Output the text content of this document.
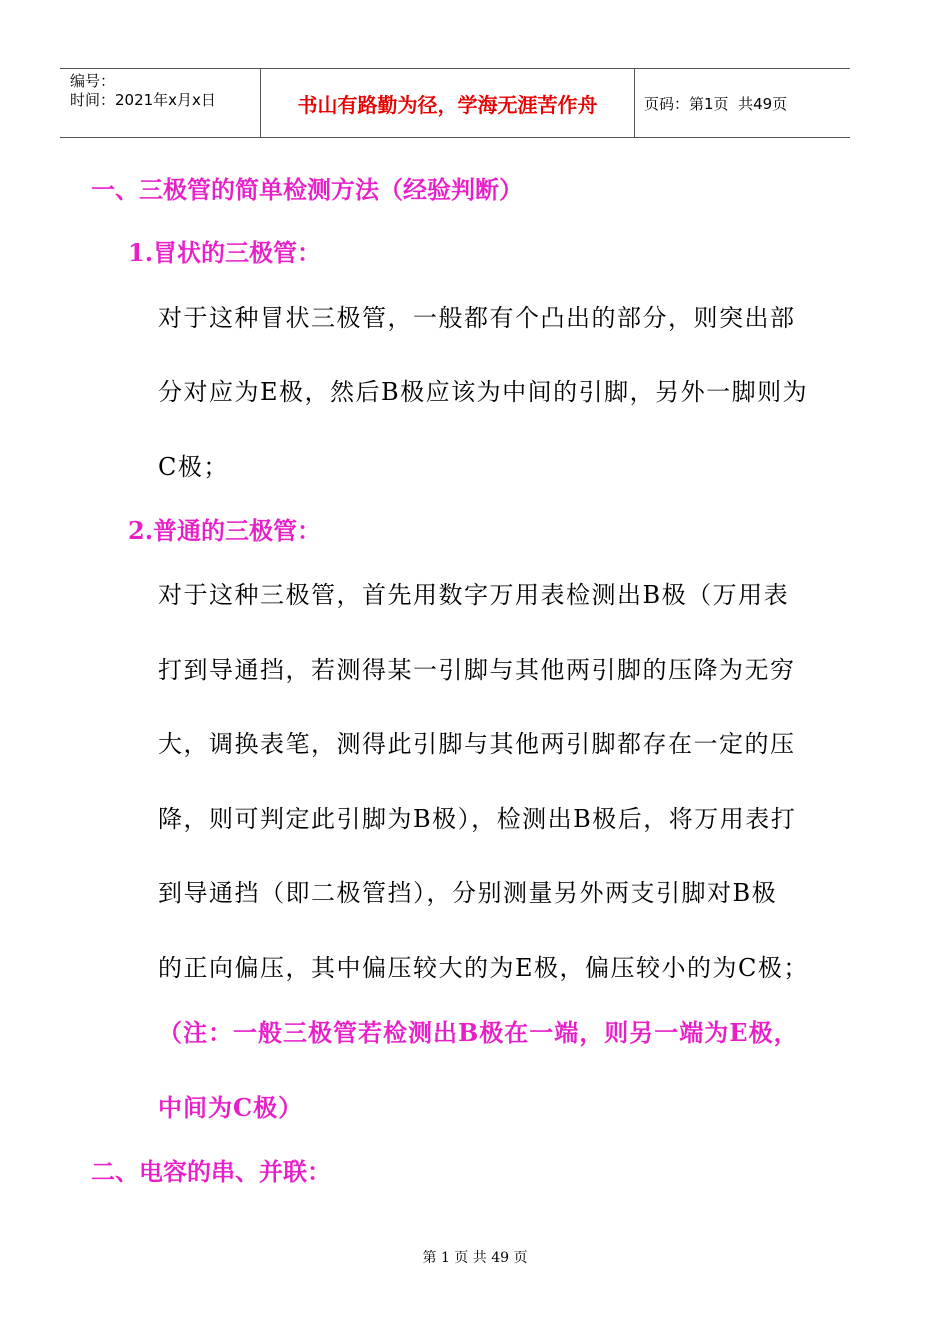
编号：
时间：2021年x月x日	书山有路勤为径，学海无涯苦作舟	页码：第1页  共49页
一、三极管的简单检测方法（经验判断）
1.冒状的三极管：
对于这种冒状三极管，一般都有个凸出的部分，则突出部
分对应为E极，然后B极应该为中间的引脚，另外一脚则为
C极；
2.普通的三极管：
对于这种三极管，首先用数字万用表检测出B极（万用表
打到导通挡，若测得某一引脚与其他两引脚的压降为无穷
大，调换表笔，测得此引脚与其他两引脚都存在一定的压
降，则可判定此引脚为B极），检测出B极后，将万用表打
到导通挡（即二极管挡），分别测量另外两支引脚对B极
的正向偏压，其中偏压较大的为E极，偏压较小的为C极；
（注：一般三极管若检测出B极在一端，则另一端为E极，
中间为C极）
二、电容的串、并联：
第 1 页 共 49 页
